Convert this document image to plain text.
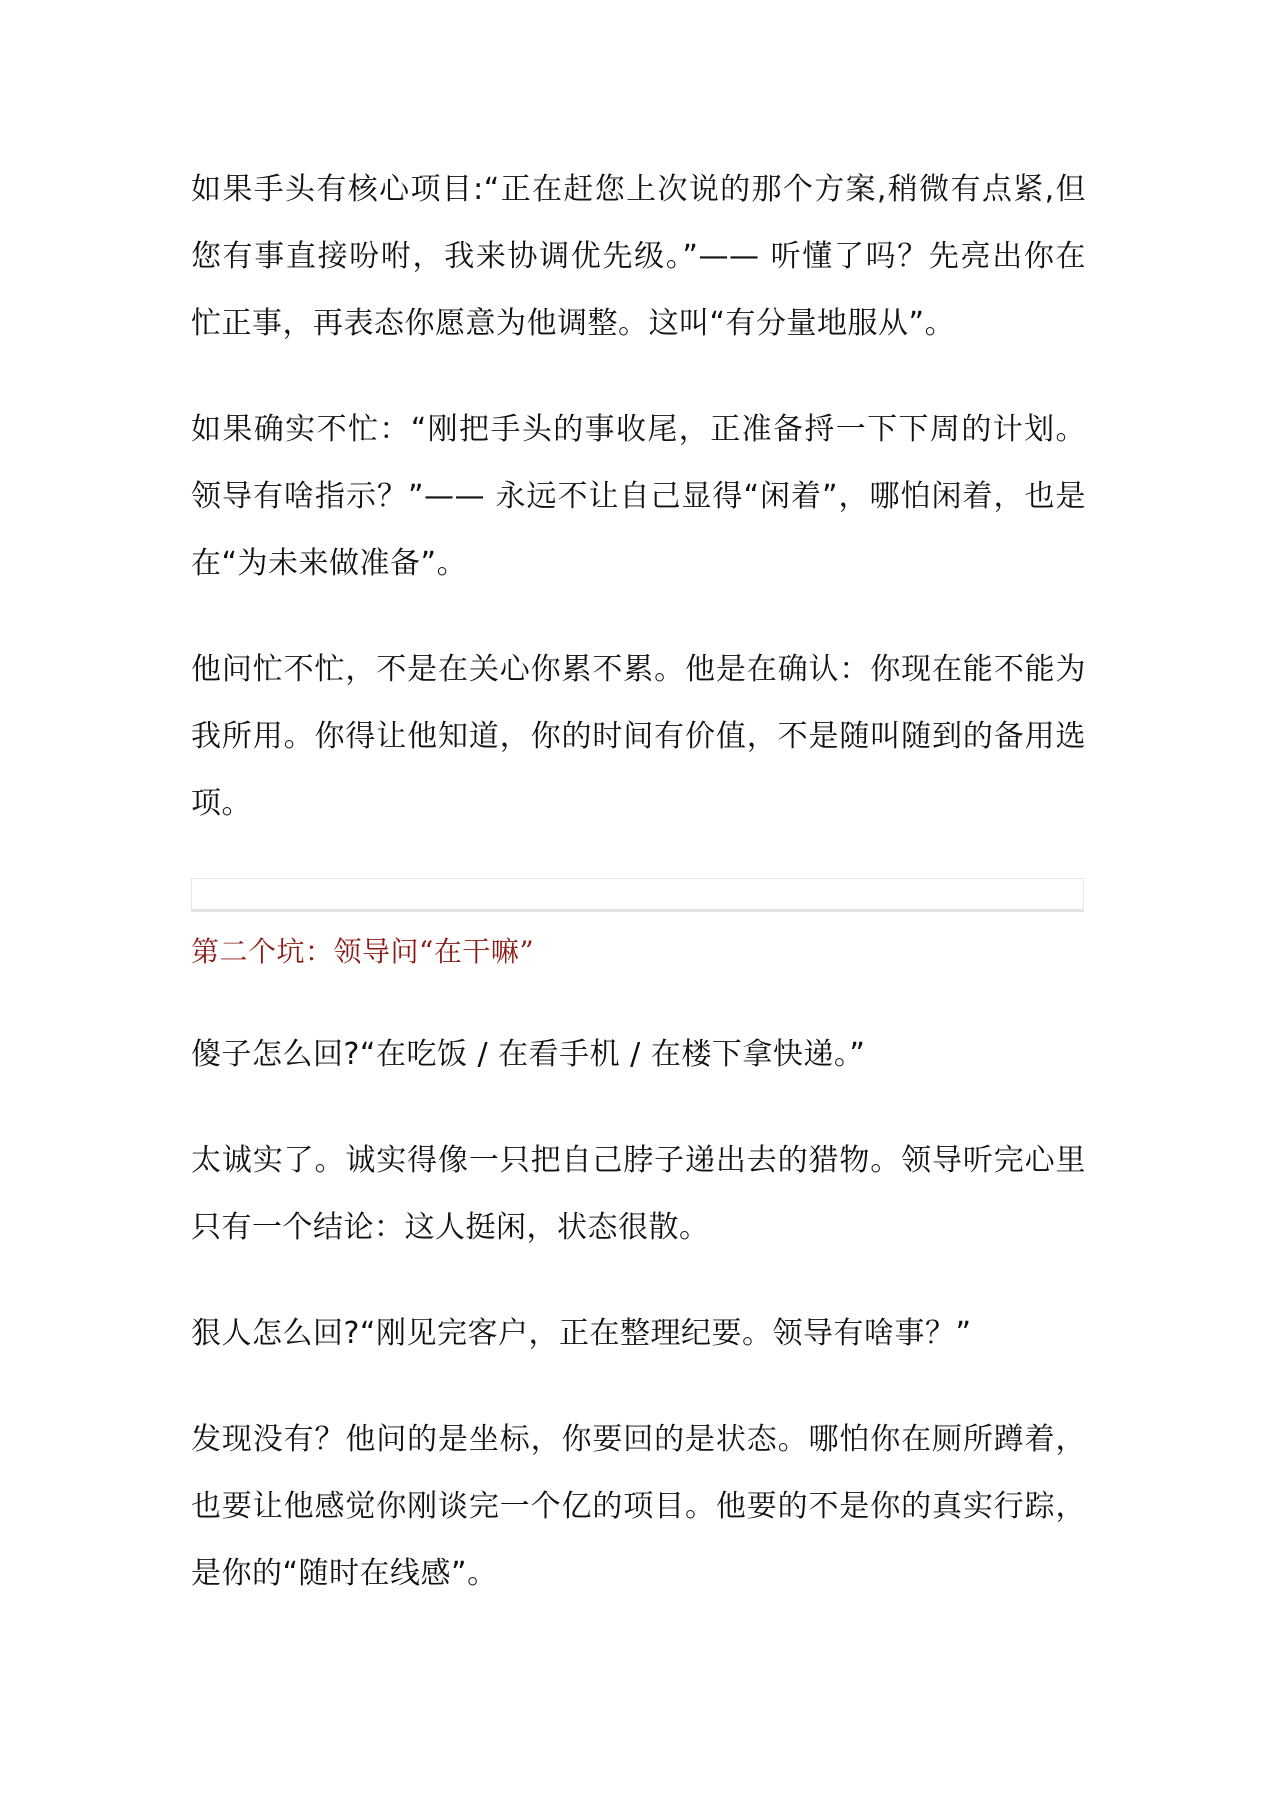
如果手头有核心项目:“正在赶您上次说的那个方案,稍微有点紧,但您有事直接吩咐，我来协调优先级。”—— 听懂了吗？先亮出你在忙正事，再表态你愿意为他调整。这叫“有分量地服从”。

如果确实不忙：“刚把手头的事收尾，正准备捋一下下周的计划。领导有啥指示？”—— 永远不让自己显得“闲着”，哪怕闲着，也是在“为未来做准备”。

他问忙不忙，不是在关心你累不累。他是在确认：你现在能不能为我所用。你得让他知道，你的时间有价值，不是随叫随到的备用选项。

第二个坑：领导问“在干嘛”

傻子怎么回?“在吃饭 / 在看手机 / 在楼下拿快递。”

太诚实了。诚实得像一只把自己脖子递出去的猎物。领导听完心里只有一个结论：这人挺闲，状态很散。

狠人怎么回?“刚见完客户，正在整理纪要。领导有啥事？”

发现没有？他问的是坐标，你要回的是状态。哪怕你在厕所蹲着，也要让他感觉你刚谈完一个亿的项目。他要的不是你的真实行踪，是你的“随时在线感”。
